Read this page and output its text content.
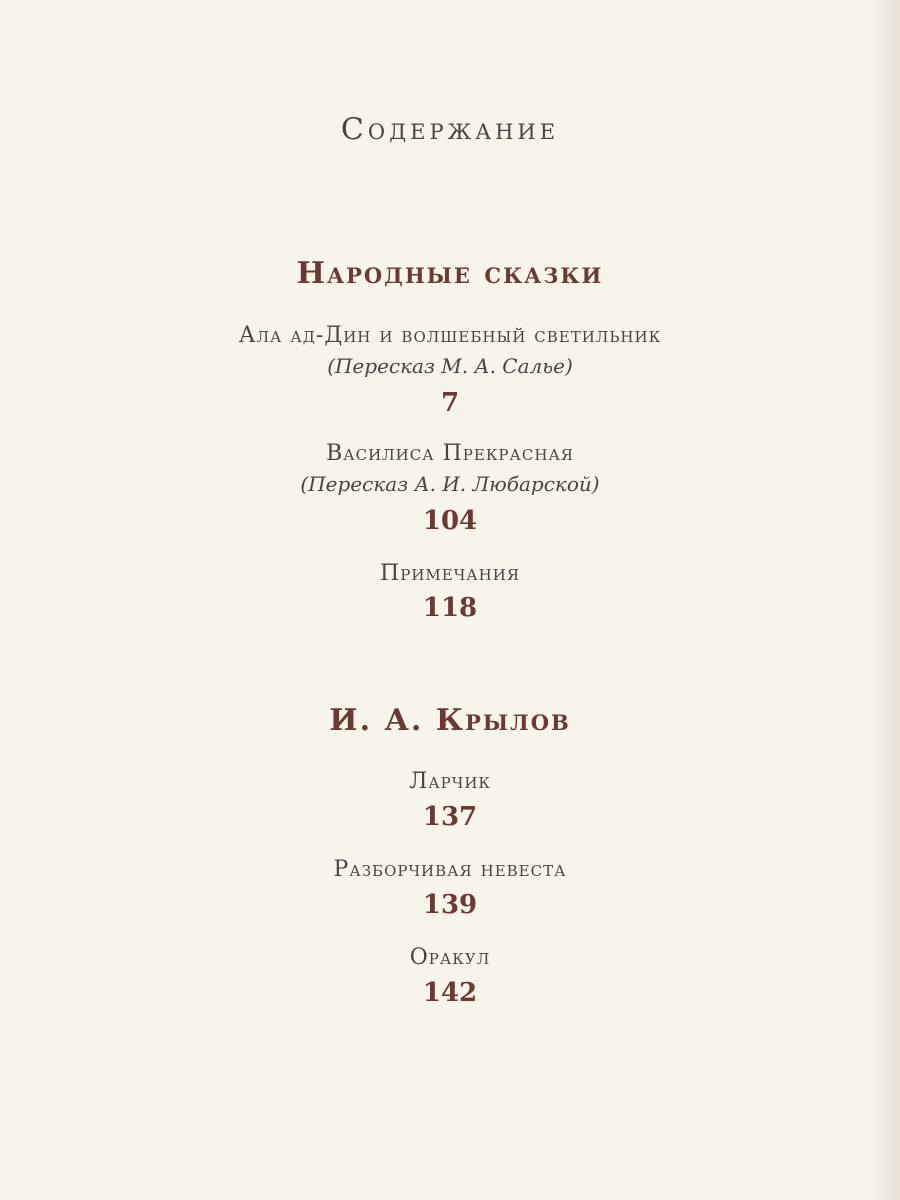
Содержание
Народные сказки
Ала ад-Дин и волшебный светильник
(Пересказ М. А. Салье)
7
Василиса Прекрасная
(Пересказ А. И. Любарской)
104
Примечания
118
И. А. Крылов
Ларчик
137
Разборчивая невеста
139
Оракул
142
